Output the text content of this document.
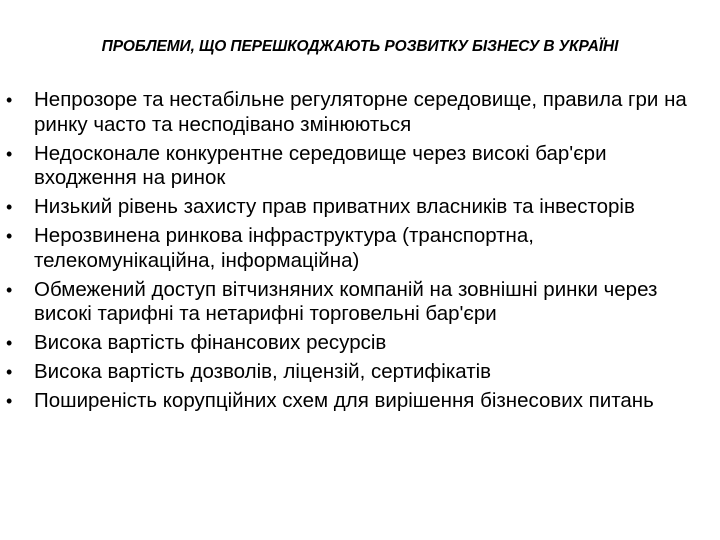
ПРОБЛЕМИ, ЩО ПЕРЕШКОДЖАЮТЬ РОЗВИТКУ БІЗНЕСУ В УКРАЇНІ
•	Непрозоре та нестабільне регуляторне середовище, правила гри на ринку часто та несподівано змінюються
•	Недосконале конкурентне середовище через високі бар'єри входження на ринок
•	Низький рівень захисту прав приватних власників та інвесторів
•	Нерозвинена ринкова інфраструктура (транспортна, телекомунікаційна, інформаційна)
•	Обмежений доступ вітчизняних компаній на зовнішні ринки через високі тарифні та нетарифні торговельні бар'єри
•	Висока вартість фінансових ресурсів
•	Висока вартість дозволів, ліцензій, сертифікатів
•	Поширеність корупційних схем для вирішення бізнесових питань
